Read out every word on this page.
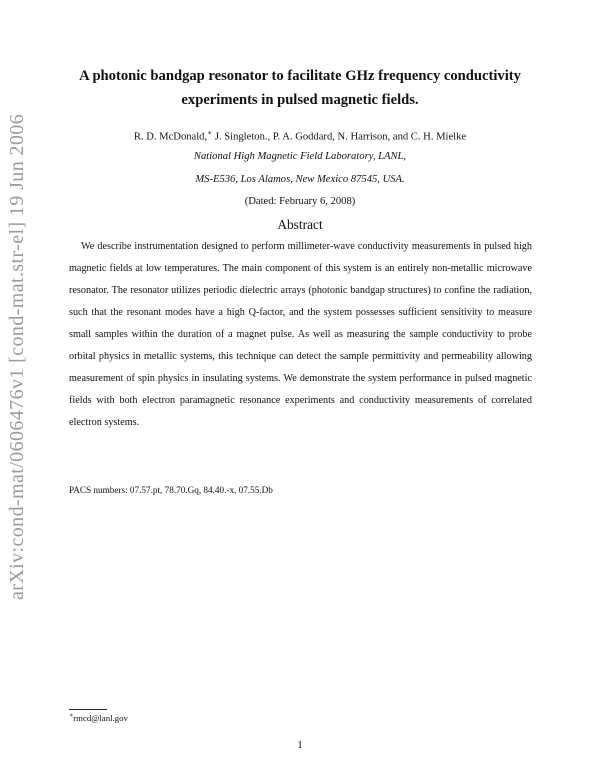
arXiv:cond-mat/0606476v1 [cond-mat.str-el] 19 Jun 2006
A photonic bandgap resonator to facilitate GHz frequency conductivity experiments in pulsed magnetic fields.
R. D. McDonald,∗ J. Singleton., P. A. Goddard, N. Harrison, and C. H. Mielke
National High Magnetic Field Laboratory, LANL,
MS-E536, Los Alamos, New Mexico 87545, USA.
(Dated: February 6, 2008)
Abstract

We describe instrumentation designed to perform millimeter-wave conductivity measurements in pulsed high magnetic fields at low temperatures. The main component of this system is an entirely non-metallic microwave resonator. The resonator utilizes periodic dielectric arrays (photonic bandgap structures) to confine the radiation, such that the resonant modes have a high Q-factor, and the system possesses sufficient sensitivity to measure small samples within the duration of a magnet pulse. As well as measuring the sample conductivity to probe orbital physics in metallic systems, this technique can detect the sample permittivity and permeability allowing measurement of spin physics in insulating systems. We demonstrate the system performance in pulsed magnetic fields with both electron paramagnetic resonance experiments and conductivity measurements of correlated electron systems.

PACS numbers: 07.57.pt, 78.70.Gq, 84.40.-x, 07.55.Db
∗rmcd@lanl.gov
1
